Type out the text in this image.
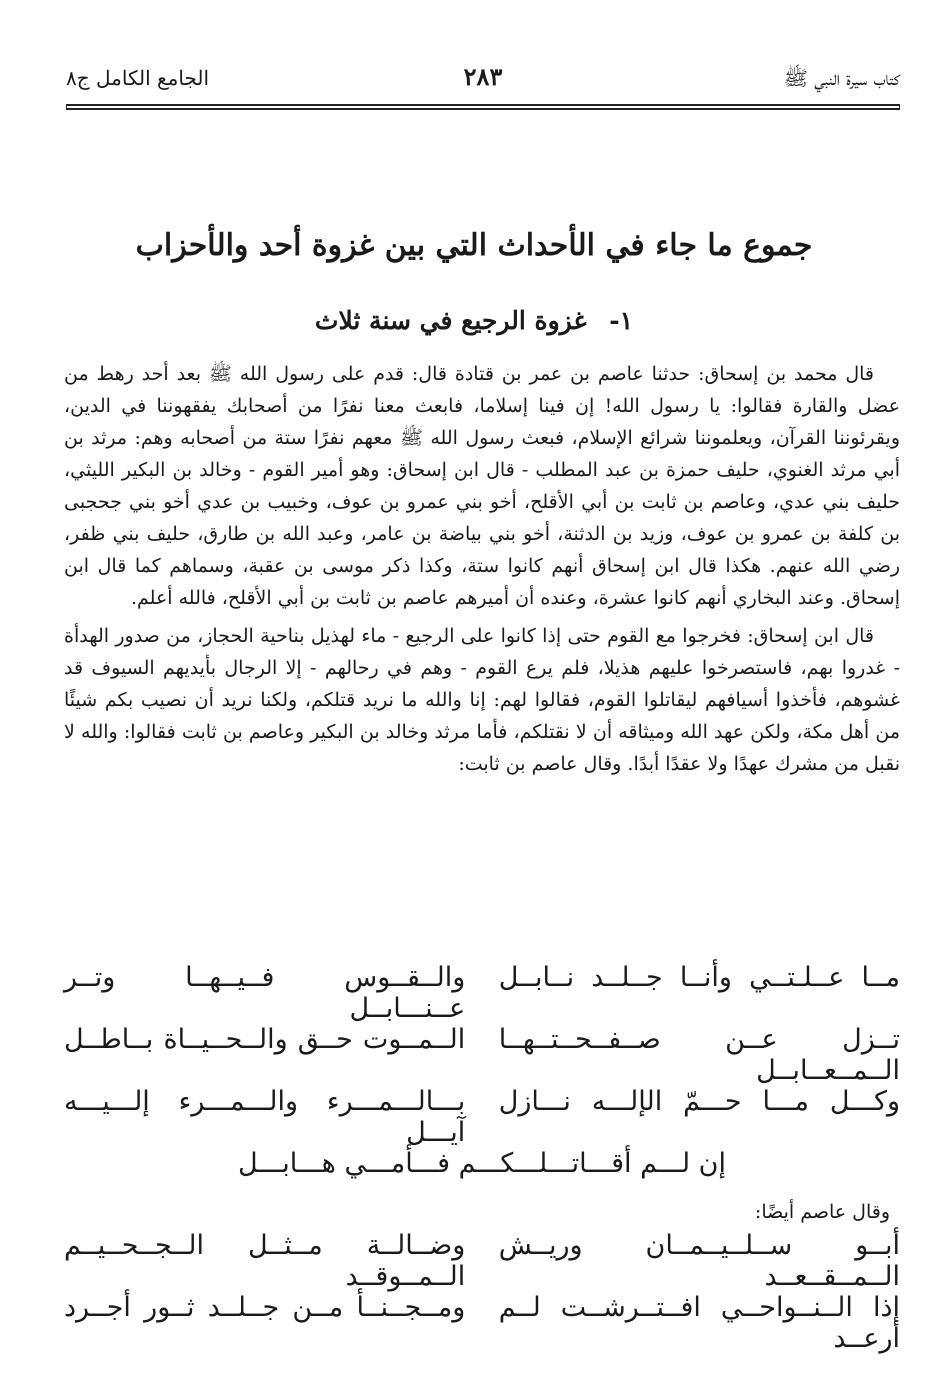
كتاب سيرة النبي ﷺ
٢٨٣
الجامع الكامل ج٨
جموع ما جاء في الأحداث التي بين غزوة أحد والأحزاب
١- غزوة الرجيع في سنة ثلاث

قال محمد بن إسحاق: حدثنا عاصم بن عمر بن قتادة قال: قدم على رسول الله ﷺ بعد أحد رهط من عضل والقارة فقالوا: يا رسول الله! إن فينا إسلاما، فابعث معنا نفرًا من أصحابك يفقهوننا في الدين، ويقرئوننا القرآن، ويعلموننا شرائع الإسلام، فبعث رسول الله ﷺ معهم نفرًا ستة من أصحابه وهم: مرثد بن أبي مرثد الغنوي، حليف حمزة بن عبد المطلب - قال ابن إسحاق: وهو أمير القوم - وخالد بن البكير الليثي، حليف بني عدي، وعاصم بن ثابت بن أبي الأقلح، أخو بني عمرو بن عوف، وخبيب بن عدي أخو بني جحجبى بن كلفة بن عمرو بن عوف، وزيد بن الدثنة، أخو بني بياضة بن عامر، وعبد الله بن طارق، حليف بني ظفر، رضي الله عنهم. هكذا قال ابن إسحاق أنهم كانوا ستة، وكذا ذكر موسى بن عقبة، وسماهم كما قال ابن إسحاق. وعند البخاري أنهم كانوا عشرة، وعنده أن أميرهم عاصم بن ثابت بن أبي الأقلح، فالله أعلم.

قال ابن إسحاق: فخرجوا مع القوم حتى إذا كانوا على الرجيع - ماء لهذيل بناحية الحجاز، من صدور الهدأة - غدروا بهم، فاستصرخوا عليهم هذيلا، فلم يرع القوم - وهم في رحالهم - إلا الرجال بأيديهم السيوف قد غشوهم، فأخذوا أسيافهم ليقاتلوا القوم، فقالوا لهم: إنا والله ما نريد قتلكم، ولكنا نريد أن نصيب بكم شيئًا من أهل مكة، ولكن عهد الله وميثاقه أن لا نقتلكم، فأما مرثد وخالد بن البكير وعاصم بن ثابت فقالوا: والله لا نقبل من مشرك عهدًا ولا عقدًا أبدًا. وقال عاصم بن ثابت:

مــا عــلـتــي وأنــا جــلــد نــابــل
والــقــوس فــيــهــا وتــر عــنـــابــل
تــزل عــن صــفــحــتــهــا الــمــعــابــل
الــمــوت حــق والــحــيــاة بــاطــل
وكـــل مـــا حـــمّ الإلـــه نـــازل
بـــالـــمـــرء والـــمـــرء إلـــيـــه آيـــل
إن لـــم أقـــاتـــلـــكـــم فـــأمـــي هـــابـــل
وقال عاصم أيضًا:
أبــو ســلــيــمــان وريــش الــمــقــعــد
وضــالــة مــثــل الــجــحــيــم الــمــوقــد
إذا الــنــواحــي افــتــرشــت لــم أرعــد
ومــجــنــأ مــن جــلــد ثــور أجــرد
